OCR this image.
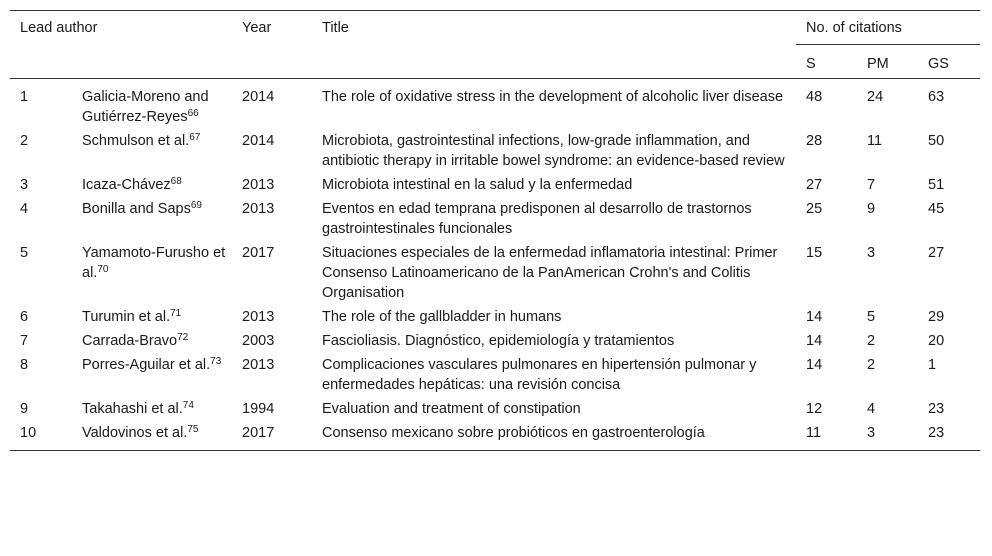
Lead author		Year	Title	No. of citations		
				S	PM	GS
1	Galicia-Moreno and Gutiérrez-Reyes$^{66}$	2014	The role of oxidative stress in the development of alcoholic liver disease	48	24	63
2	Schmulson et al.$^{67}$	2014	Microbiota, gastrointestinal infections, low-grade inflammation, and antibiotic therapy in irritable bowel syndrome: an evidence-based review	28	11	50
3	Icaza-Chávez$^{68}$	2013	Microbiota intestinal en la salud y la enfermedad	27	7	51
4	Bonilla and Saps$^{69}$	2013	Eventos en edad temprana predisponen al desarrollo de trastornos gastrointestinales funcionales	25	9	45
5	Yamamoto-Furusho et al.$^{70}$	2017	Situaciones especiales de la enfermedad inflamatoria intestinal: Primer Consenso Latinoamericano de la PanAmerican Crohn's and Colitis Organisation	15	3	27
6	Turumin et al.$^{71}$	2013	The role of the gallbladder in humans	14	5	29
7	Carrada-Bravo$^{72}$	2003	Fascioliasis. Diagnóstico, epidemiología y tratamientos	14	2	20
8	Porres-Aguilar et al.$^{73}$	2013	Complicaciones vasculares pulmonares en hipertensión pulmonar y enfermedades hepáticas: una revisión concisa	14	2	1
9	Takahashi et al.$^{74}$	1994	Evaluation and treatment of constipation	12	4	23
10	Valdovinos et al.$^{75}$	2017	Consenso mexicano sobre probióticos en gastroenterología	11	3	23
